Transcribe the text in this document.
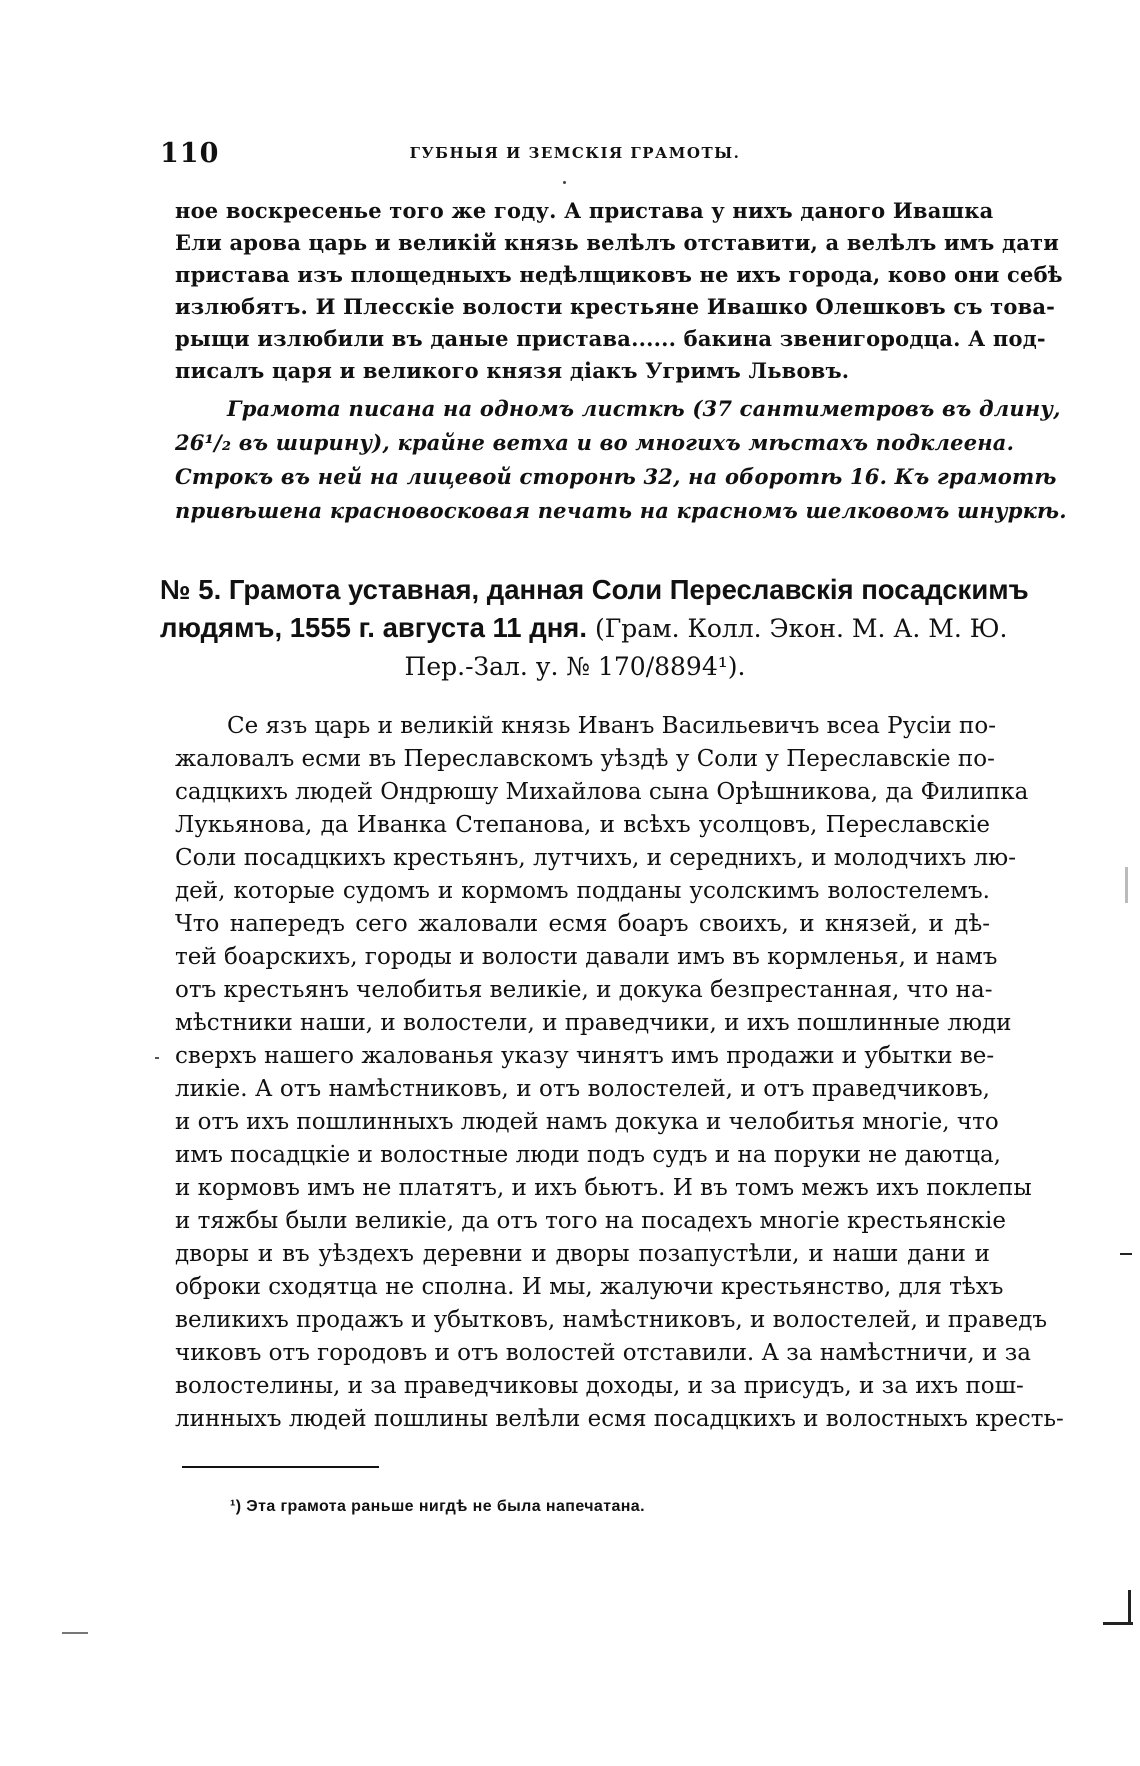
110	ГУБНЫЯ И ЗЕМСКІЯ ГРАМОТЫ.
ное воскресенье того же году. А пристава у нихъ даного Ивашка
Ели арова царь и великій князь велѣлъ отставити, а велѣлъ имъ дати
пристава изъ площедныхъ недѣлщиковъ не ихъ города, ково они себѣ
излюбятъ. И Плесскіе волости крестьяне Ивашко Олешковъ съ това-
рыщи излюбили въ даные пристава...... бакина звенигородца. А под-
писалъ царя и великого князя діакъ Угримъ Львовъ.
Грамота писана на одномъ листкѣ (37 сантиметровъ въ длину,
26¹/₂ въ ширину), крайне ветха и во многихъ мѣстахъ подклеена.
Строкъ въ ней на лицевой сторонѣ 32, на оборотѣ 16. Къ грамотѣ
привѣшена красновосковая печать на красномъ шелковомъ шнуркѣ.
№ 5. Грамота уставная, данная Соли Переславскія посадскимъ
людямъ, 1555 г. августа 11 дня. (Грам. Колл. Экон. М. А. М. Ю.
Пер.-Зал. у. № 170/8894¹).
Се язъ царь и великій князь Иванъ Васильевичъ всеа Русіи по-
жаловалъ есми въ Переславскомъ уѣздѣ у Соли у Переславскіе по-
садцкихъ людей Ондрюшу Михайлова сына Орѣшникова, да Филипка
Лукьянова, да Иванка Степанова, и всѣхъ усолцовъ, Переславскіе
Соли посадцкихъ крестьянъ, лутчихъ, и середнихъ, и молодчихъ лю-
дей, которые судомъ и кормомъ подданы усолскимъ волостелемъ.
Что напередъ сего жаловали есмя боаръ своихъ, и князей, и дѣ-
тей боарскихъ, городы и волости давали имъ въ кормленья, и намъ
отъ крестьянъ челобитья великіе, и докука безпрестанная, что на-
мѣстники наши, и волостели, и праведчики, и ихъ пошлинные люди
сверхъ нашего жалованья указу чинятъ имъ продажи и убытки ве-
ликіе. А отъ намѣстниковъ, и отъ волостелей, и отъ праведчиковъ,
и отъ ихъ пошлинныхъ людей намъ докука и челобитья многіе, что
имъ посадцкіе и волостные люди подъ судъ и на поруки не даютца,
и кормовъ имъ не платятъ, и ихъ бьютъ. И въ томъ межъ ихъ поклепы
и тяжбы были великіе, да отъ того на посадехъ многіе крестьянскіе
дворы и въ уѣздехъ деревни и дворы позапустѣли, и наши дани и
оброки сходятца не сполна. И мы, жалуючи крестьянство, для тѣхъ
великихъ продажъ и убытковъ, намѣстниковъ, и волостелей, и праведъ
чиковъ отъ городовъ и отъ волостей отставили. А за намѣстничи, и за
волостелины, и за праведчиковы доходы, и за присудъ, и за ихъ пош-
линныхъ людей пошлины велѣли есмя посадцкихъ и волостныхъ кресть-
¹) Эта грамота раньше нигдѣ не была напечатана.
